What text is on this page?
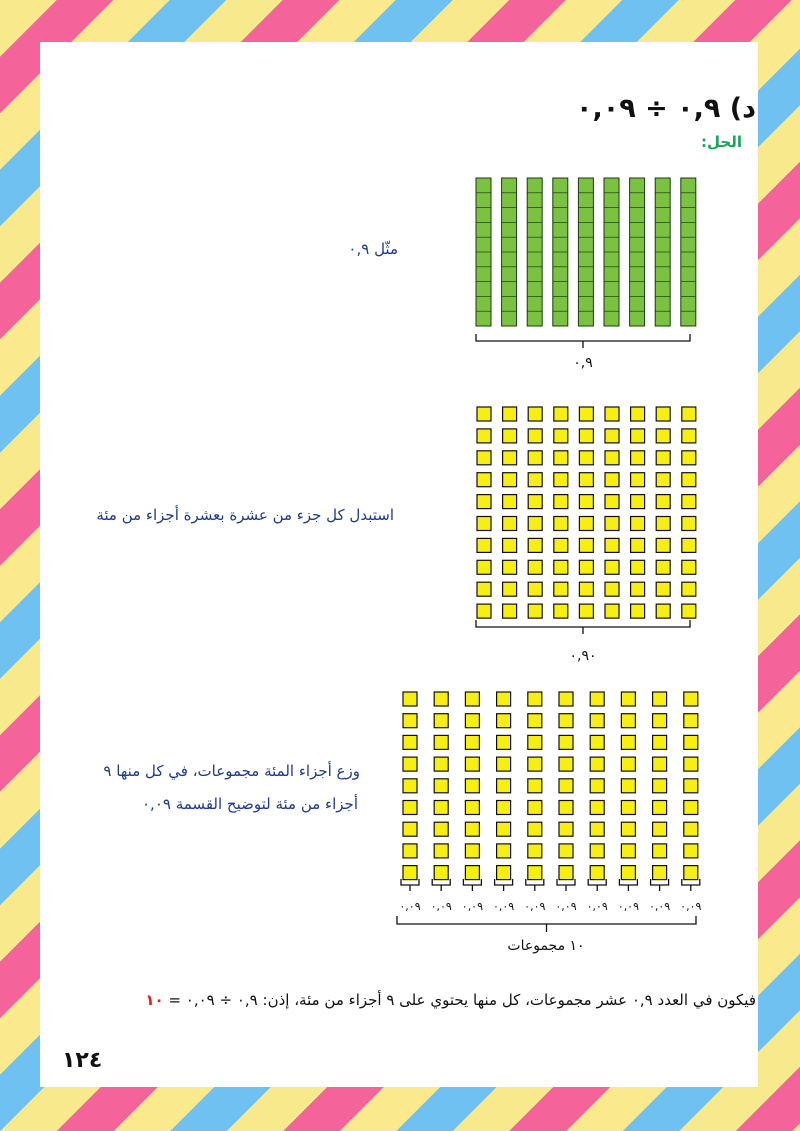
د) ٠,٩ ÷ ٠,٠٩
الحل:
مثّل ٠,٩
استبدل كل جزء من عشرة بعشرة أجزاء من مئة
وزع أجزاء المئة مجموعات، في كل منها ٩
أجزاء من مئة لتوضيح القسمة ٠,٠٩
٠,٠٩ ٠,٠٩ ٠,٠٩ ٠,٠٩ ٠,٠٩ ٠,٠٩ ٠,٠٩ ٠,٠٩ ٠,٠٩ ٠,٠٩
٠,٩
٠,٩٠
١٠ مجموعات
فيكون في العدد ٠,٩ عشر مجموعات، كل منها يحتوي على ٩ أجزاء من مئة، إذن: ٠,٩ ÷ ٠,٠٩ = ١٠
١٢٤
